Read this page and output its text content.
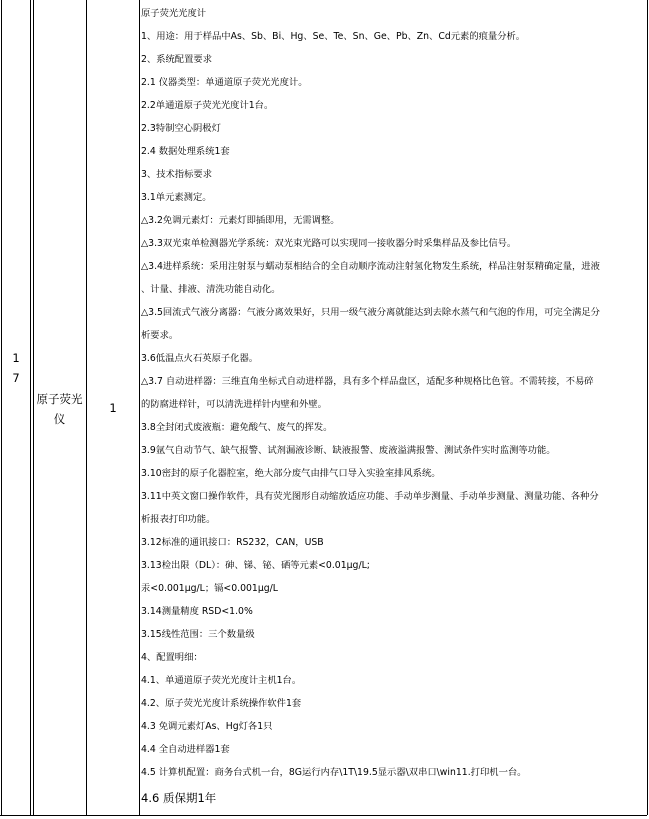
1
7
原子荧光仪
1
原子荧光光度计
1、用途：用于样品中As、Sb、Bi、Hg、Se、Te、Sn、Ge、Pb、Zn、Cd元素的痕量分析。
2、系统配置要求
2.1 仪器类型：单通道原子荧光光度计。
2.2单通道原子荧光光度计1台。
2.3特制空心阴极灯
2.4 数据处理系统1套
3、技术指标要求
3.1单元素测定。
△3.2免调元素灯：元素灯即插即用，无需调整。
△3.3双光束单检测器光学系统：双光束光路可以实现同一接收器分时采集样品及参比信号。
△3.4进样系统：采用注射泵与蠕动泵相结合的全自动顺序流动注射氢化物发生系统，样品注射泵精确定量，进液
、计量、排液、清洗功能自动化。
△3.5回流式气液分离器：气液分离效果好，只用一级气液分离就能达到去除水蒸气和气泡的作用，可完全满足分
析要求。
3.6低温点火石英原子化器。
△3.7 自动进样器：三维直角坐标式自动进样器，具有多个样品盘区，适配多种规格比色管。不需转接，不易碎
的防腐进样针，可以清洗进样针内壁和外壁。
3.8全封闭式废液瓶：避免酸气、废气的挥发。
3.9氩气自动节气、缺气报警、试剂漏液诊断、缺液报警、废液溢满报警、测试条件实时监测等功能。
3.10密封的原子化器腔室，绝大部分废气由排气口导入实验室排风系统。
3.11中英文窗口操作软件，具有荧光图形自动缩放适应功能、手动单步测量、手动单步测量、测量功能、各种分
析报表打印功能。
3.12标准的通讯接口：RS232，CAN，USB
3.13检出限（DL）：砷、锑、铋、硒等元素<0.01μg/L;
汞<0.001μg/L；镉<0.001μg/L
3.14测量精度 RSD<1.0%
3.15线性范围：三个数量级
4、配置明细：
4.1、单通道原子荧光光度计主机1台。
4.2、原子荧光光度计系统操作软件1套
4.3 免调元素灯As、Hg灯各1只
4.4 全自动进样器1套
4.5 计算机配置：商务台式机一台，8G运行内存\1T\19.5显示器\双串口\win11.打印机一台。
4.6 质保期1年
